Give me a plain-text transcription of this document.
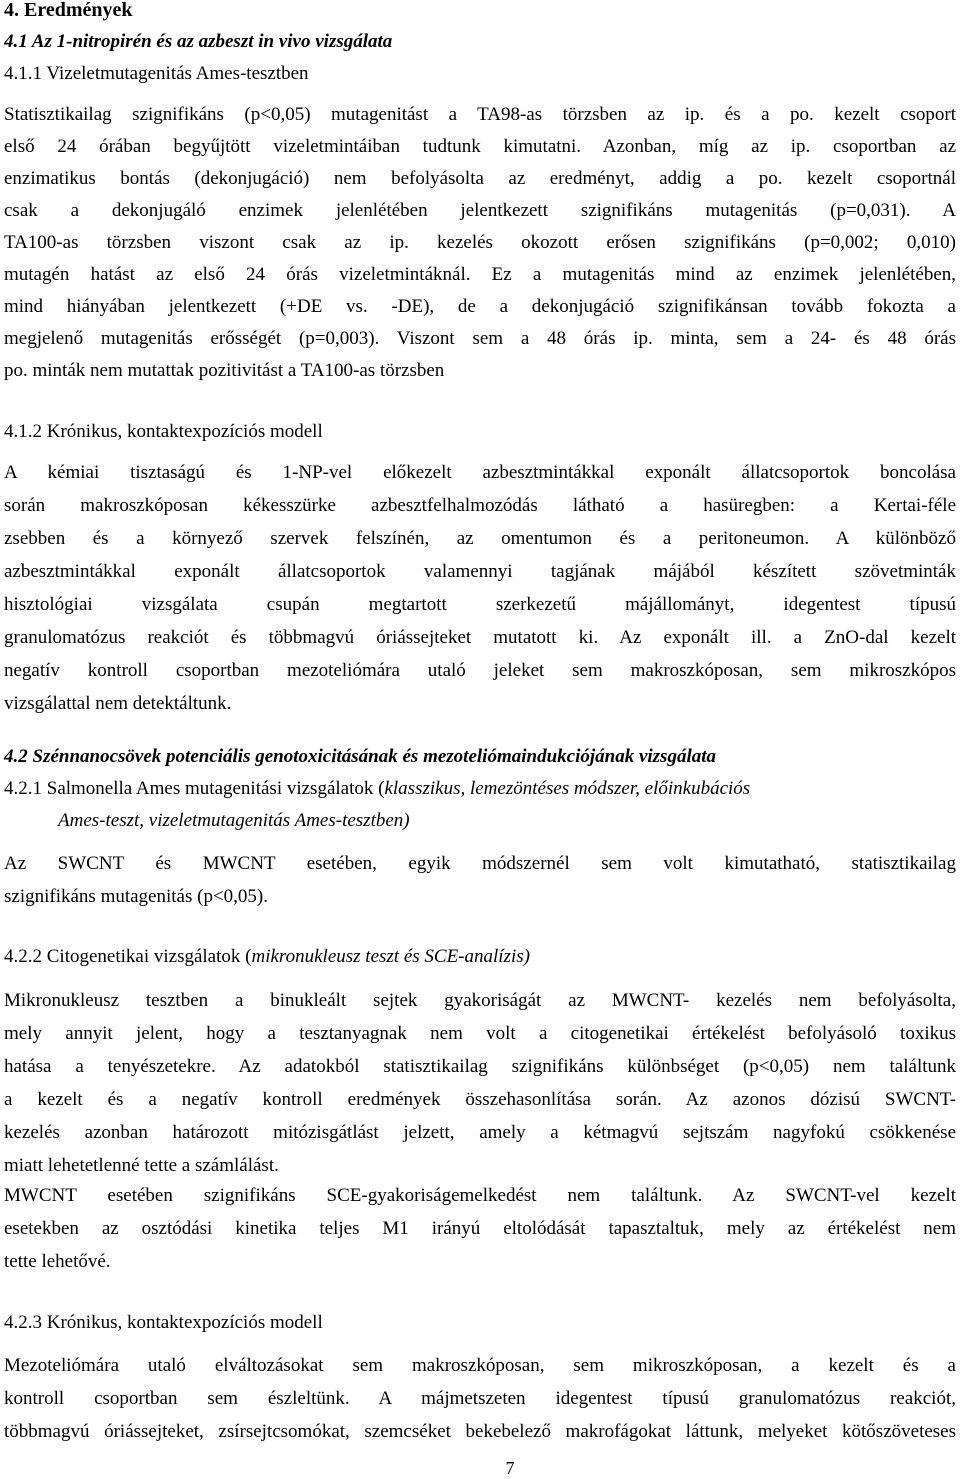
4. Eredmények
4.1 Az 1-nitropirén és az azbeszt in vivo vizsgálata
4.1.1 Vizeletmutagenitás Ames-tesztben
Statisztikailag szignifikáns (p<0,05) mutagenitást a TA98-as törzsben az ip. és a po. kezelt csoport
első 24 órában begyűjtött vizeletmintáiban tudtunk kimutatni. Azonban, míg az ip. csoportban az
enzimatikus bontás (dekonjugáció) nem befolyásolta az eredményt, addig a po. kezelt csoportnál
csak a dekonjugáló enzimek jelenlétében jelentkezett szignifikáns mutagenitás (p=0,031). A
TA100-as törzsben viszont csak az ip. kezelés okozott erősen szignifikáns (p=0,002; 0,010)
mutagén hatást az első 24 órás vizeletmintáknál. Ez a mutagenitás mind az enzimek jelenlétében,
mind hiányában jelentkezett (+DE vs. -DE), de a dekonjugáció szignifikánsan tovább fokozta a
megjelenő mutagenitás erősségét (p=0,003). Viszont sem a 48 órás ip. minta, sem a 24- és 48 órás
po. minták nem mutattak pozitivitást a TA100-as törzsben
4.1.2 Krónikus, kontaktexpozíciós modell
A kémiai tisztaságú és 1-NP-vel előkezelt azbesztmintákkal exponált állatcsoportok boncolása
során makroszkóposan kékesszürke azbesztfelhalmozódás látható a hasüregben: a Kertai-féle
zsebben és a környező szervek felszínén, az omentumon és a peritoneumon. A különböző
azbesztmintákkal exponált állatcsoportok valamennyi tagjának májából készített szövetminták
hisztológiai vizsgálata csupán megtartott szerkezetű májállományt, idegentest típusú
granulomatózus reakciót és többmagvú óriássejteket mutatott ki. Az exponált ill. a ZnO-dal kezelt
negatív kontroll csoportban mezoteliómára utaló jeleket sem makroszkóposan, sem mikroszkópos
vizsgálattal nem detektáltunk.
4.2 Szénnanocsövek potenciális genotoxicitásának és mezoteliómaindukciójának vizsgálata
4.2.1 Salmonella Ames mutagenitási vizsgálatok (klasszikus, lemezöntéses módszer, előinkubációs
Ames-teszt, vizeletmutagenitás Ames-tesztben)
Az SWCNT és MWCNT esetében, egyik módszernél sem volt kimutatható, statisztikailag
szignifikáns mutagenitás (p<0,05).
4.2.2 Citogenetikai vizsgálatok (mikronukleusz teszt és SCE-analízis)
Mikronukleusz tesztben a binukleált sejtek gyakoriságát az MWCNT- kezelés nem befolyásolta,
mely annyit jelent, hogy a tesztanyagnak nem volt a citogenetikai értékelést befolyásoló toxikus
hatása a tenyészetekre. Az adatokból statisztikailag szignifikáns különbséget (p<0,05) nem találtunk
a kezelt és a negatív kontroll eredmények összehasonlítása során. Az azonos dózisú SWCNT-
kezelés azonban határozott mitózisgátlást jelzett, amely a kétmagvú sejtszám nagyfokú csökkenése
miatt lehetetlenné tette a számlálást.
MWCNT esetében szignifikáns SCE-gyakoriságemelkedést nem találtunk. Az SWCNT-vel kezelt
esetekben az osztódási kinetika teljes M1 irányú eltolódását tapasztaltuk, mely az értékelést nem
tette lehetővé.
4.2.3 Krónikus, kontaktexpozíciós modell
Mezoteliómára utaló elváltozásokat sem makroszkóposan, sem mikroszkóposan, a kezelt és a
kontroll csoportban sem észleltünk. A májmetszeten idegentest típusú granulomatózus reakciót,
többmagvú óriássejteket, zsírsejtcsomókat, szemcséket bekebelező makrofágokat láttunk, melyeket kötőszöveteses
7
